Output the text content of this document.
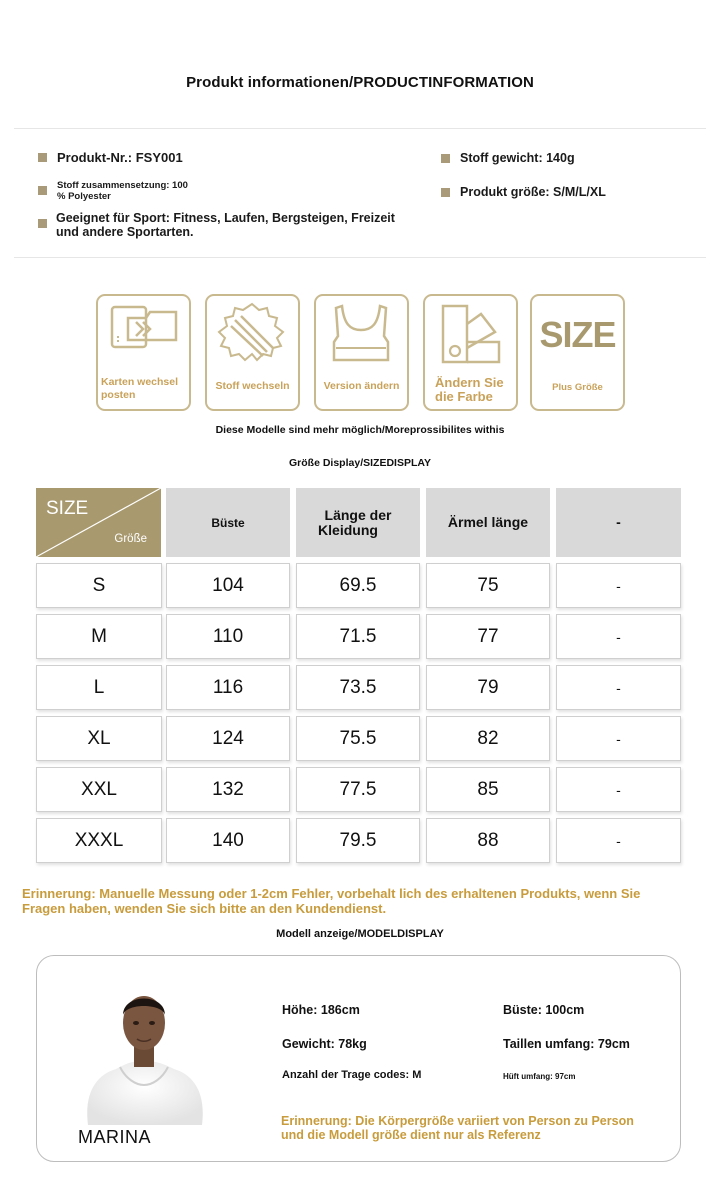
Produkt informationen/PRODUCTINFORMATION
Produkt-Nr.: FSY001	Stoff gewicht: 140g
Stoff zusammensetzung: 100
% Polyester	Produkt größe: S/M/L/XL
Geeignet für Sport: Fitness, Laufen, Bergsteigen, Freizeit
und andere Sportarten.
Karten wechsel
posten
Stoff wechseln	Version ändern	Ändern Sie
die Farbe
SIZE
Plus Größe
Diese Modelle sind mehr möglich/Moreprossibilites withis
Größe Display/SIZEDISPLAY
SIZE
Größe
Büste	Länge der
Kleidung	Ärmel länge	-
S	104	69.5	75	-
M	110	71.5	77	-
L	116	73.5	79	-
XL	124	75.5	82	-
XXL	132	77.5	85	-
XXXL	140	79.5	88	-
Erinnerung: Manuelle Messung oder 1-2cm Fehler, vorbehalt lich des erhaltenen Produkts, wenn Sie
Fragen haben, wenden Sie sich bitte an den Kundendienst.
Modell anzeige/MODELDISPLAY
MARINA
Höhe: 186cm	Büste: 100cm
Gewicht: 78kg	Taillen umfang: 79cm
Anzahl der Trage codes: M	Hüft umfang: 97cm
Erinnerung: Die Körpergröße variiert von Person zu Person
und die Modell größe dient nur als Referenz
